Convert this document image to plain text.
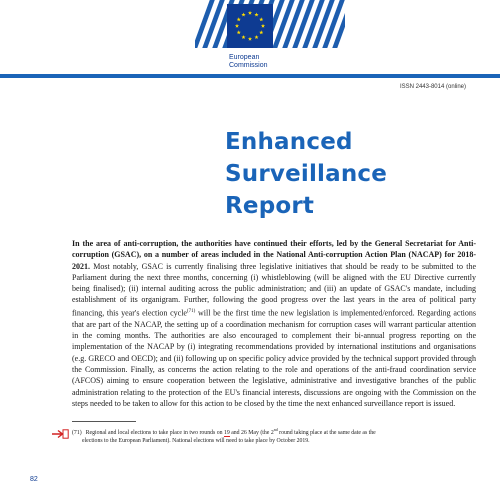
European
Commission
ISSN 2443-8014 (online)
Enhanced
Surveillance
Report
In the area of anti-corruption, the authorities have continued their efforts, led by the General Secretariat for Anti-corruption (GSAC), on a number of areas included in the National Anti-corruption Action Plan (NACAP) for 2018-2021. Most notably, GSAC is currently finalising three legislative initiatives that should be ready to be submitted to the Parliament during the next three months, concerning (i) whistleblowing (will be aligned with the EU Directive currently being finalised); (ii) internal auditing across the public administration; and (iii) an update of GSAC's mandate, including establishment of its organigram. Further, following the good progress over the last years in the area of political party financing, this year's election cycle$^{(71)}$ will be the first time the new legislation is implemented/enforced. Regarding actions that are part of the NACAP, the setting up of a coordination mechanism for corruption cases will warrant particular attention in the coming months. The authorities are also encouraged to complement their bi-annual progress reporting on the implementation of the NACAP by (i) integrating recommendations provided by international institutions and organisations (e.g. GRECO and OECD); and (ii) following up on specific policy advice provided by the technical support provided through the Commission. Finally, as concerns the action relating to the role and operations of the anti-fraud coordination service (AFCOS) aiming to ensure cooperation between the legislative, administrative and investigative branches of the public administration relating to the protection of the EU's financial interests, discussions are ongoing with the Commission on the steps needed to be taken to allow for this action to be closed by the time the next enhanced surveillance report is issued.
(71) Regional and local elections to take place in two rounds on 19 and 26 May (the 2nd round taking place at the same date as the
elections to the European Parliament). National elections will need to take place by October 2019.
82
